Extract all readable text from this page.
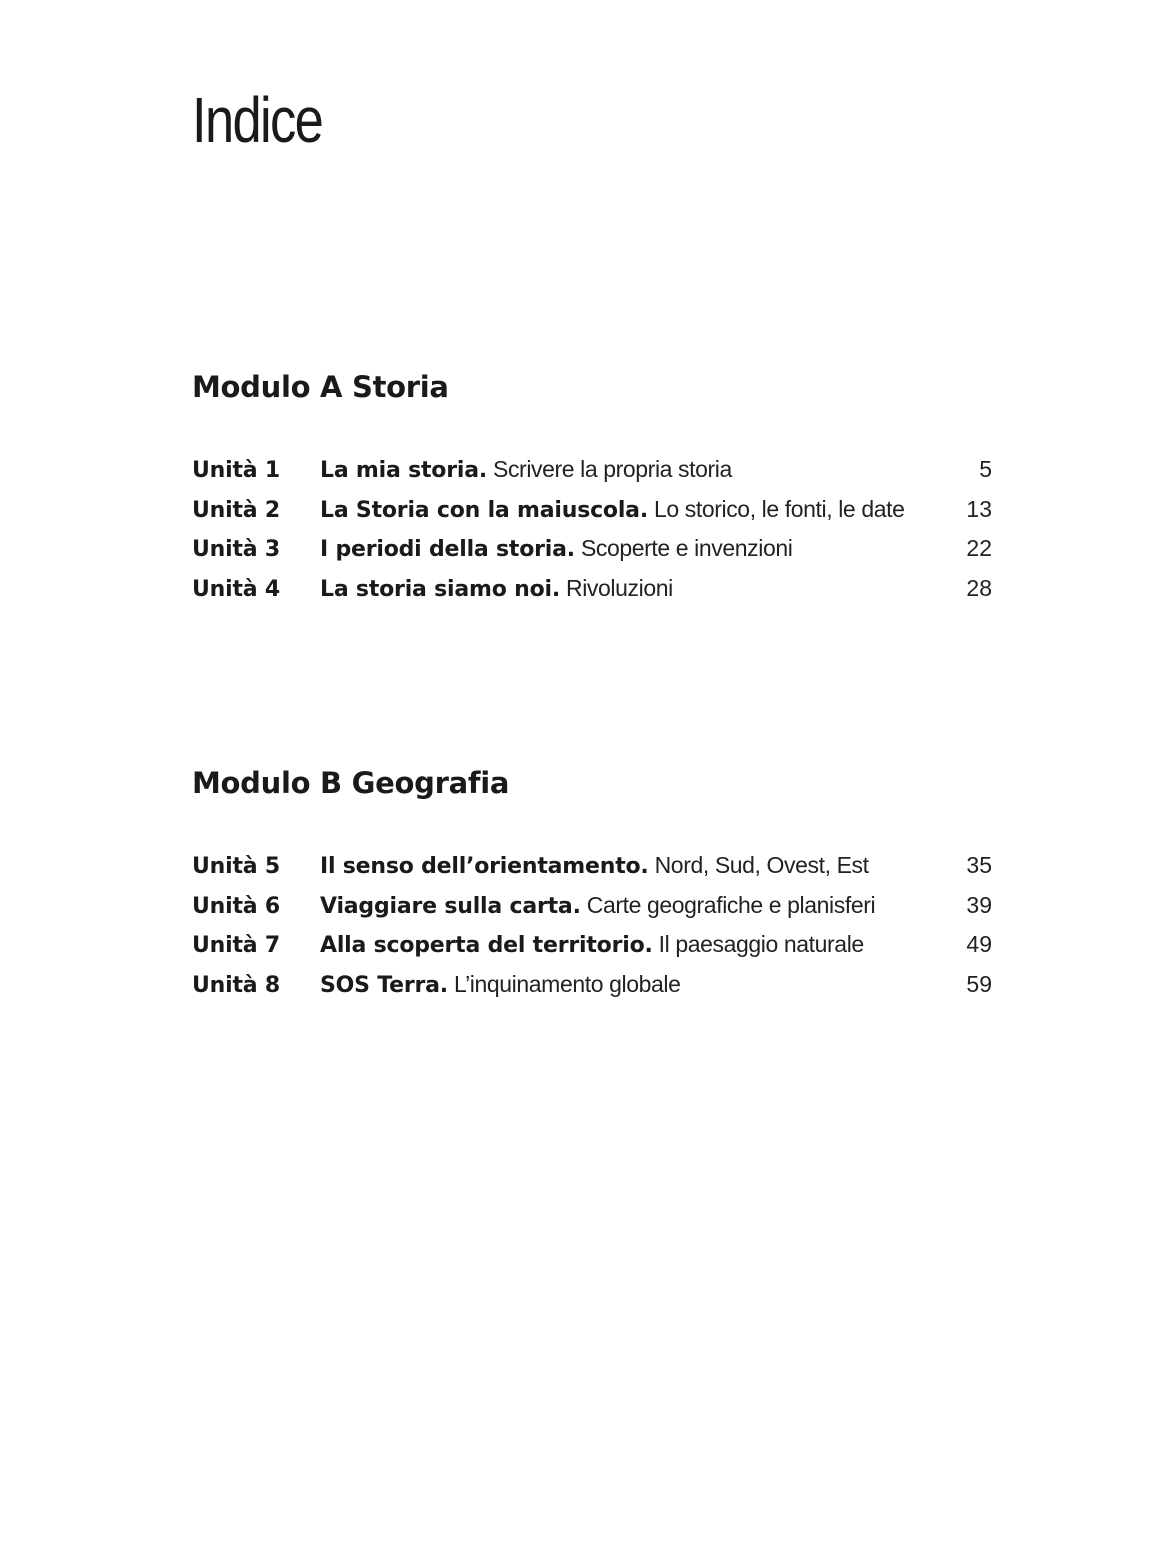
Indice
Modulo A Storia
Unità 1	La mia storia. Scrivere la propria storia	5
Unità 2	La Storia con la maiuscola. Lo storico, le fonti, le date	13
Unità 3	I periodi della storia. Scoperte e invenzioni	22
Unità 4	La storia siamo noi. Rivoluzioni	28
Modulo B Geografia
Unità 5	Il senso dell’orientamento. Nord, Sud, Ovest, Est	35
Unità 6	Viaggiare sulla carta. Carte geografiche e planisferi	39
Unità 7	Alla scoperta del territorio. Il paesaggio naturale	49
Unità 8	SOS Terra. L’inquinamento globale	59
